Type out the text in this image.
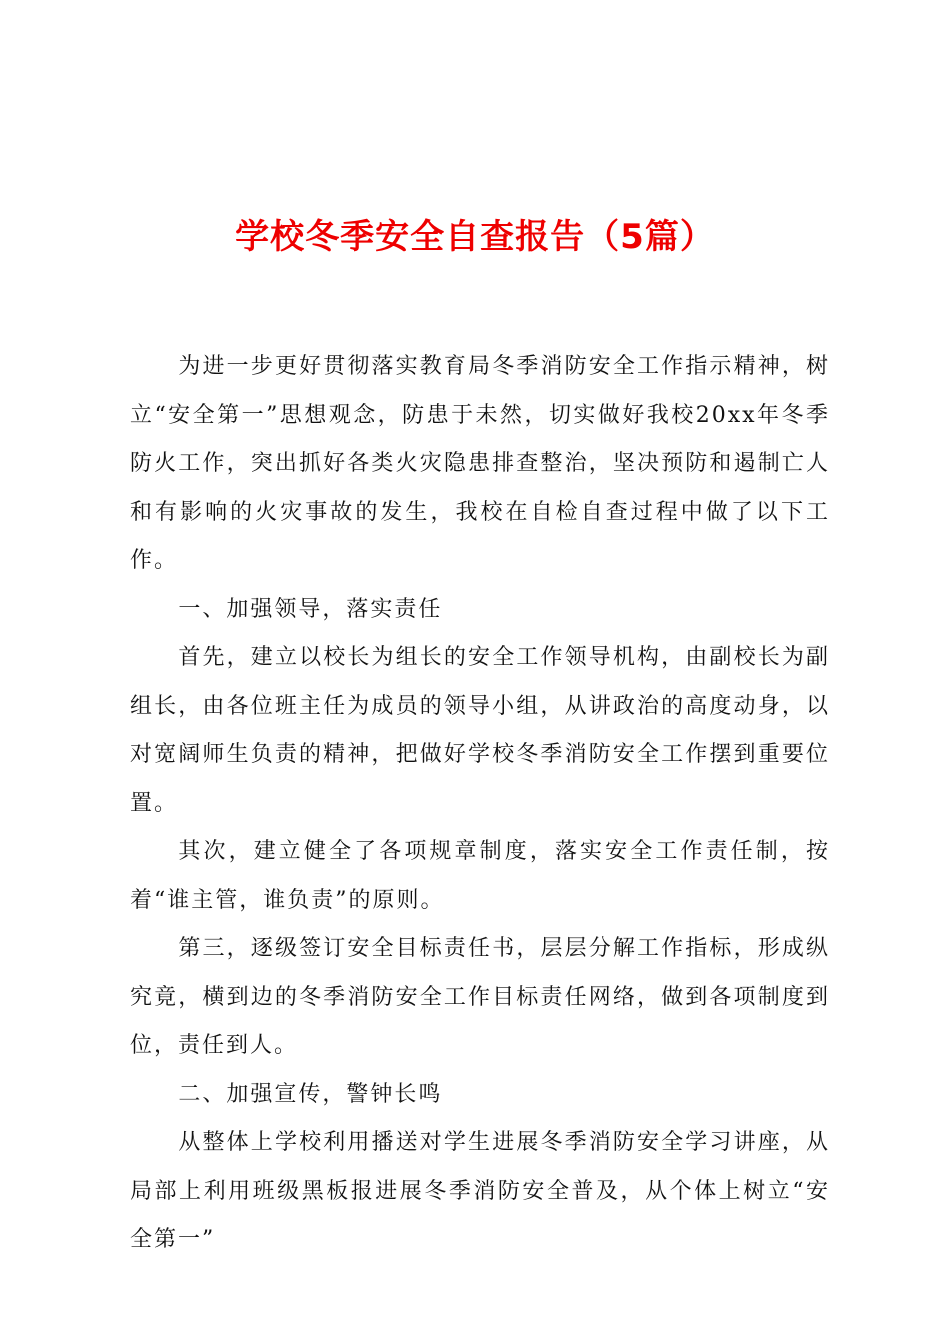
学校冬季安全自查报告（5篇）

为进一步更好贯彻落实教育局冬季消防安全工作指示精神，树立“安全第一”思想观念，防患于未然，切实做好我校20xx年冬季防火工作，突出抓好各类火灾隐患排查整治，坚决预防和遏制亡人和有影响的火灾事故的发生，我校在自检自查过程中做了以下工作。

一、加强领导，落实责任

首先，建立以校长为组长的安全工作领导机构，由副校长为副组长，由各位班主任为成员的领导小组，从讲政治的高度动身，以对宽阔师生负责的精神，把做好学校冬季消防安全工作摆到重要位置。

其次，建立健全了各项规章制度，落实安全工作责任制，按着“谁主管，谁负责”的原则。

第三，逐级签订安全目标责任书，层层分解工作指标，形成纵究竟，横到边的冬季消防安全工作目标责任网络，做到各项制度到位，责任到人。

二、加强宣传，警钟长鸣

从整体上学校利用播送对学生进展冬季消防安全学习讲座，从局部上利用班级黑板报进展冬季消防安全普及，从个体上树立“安全第一”
